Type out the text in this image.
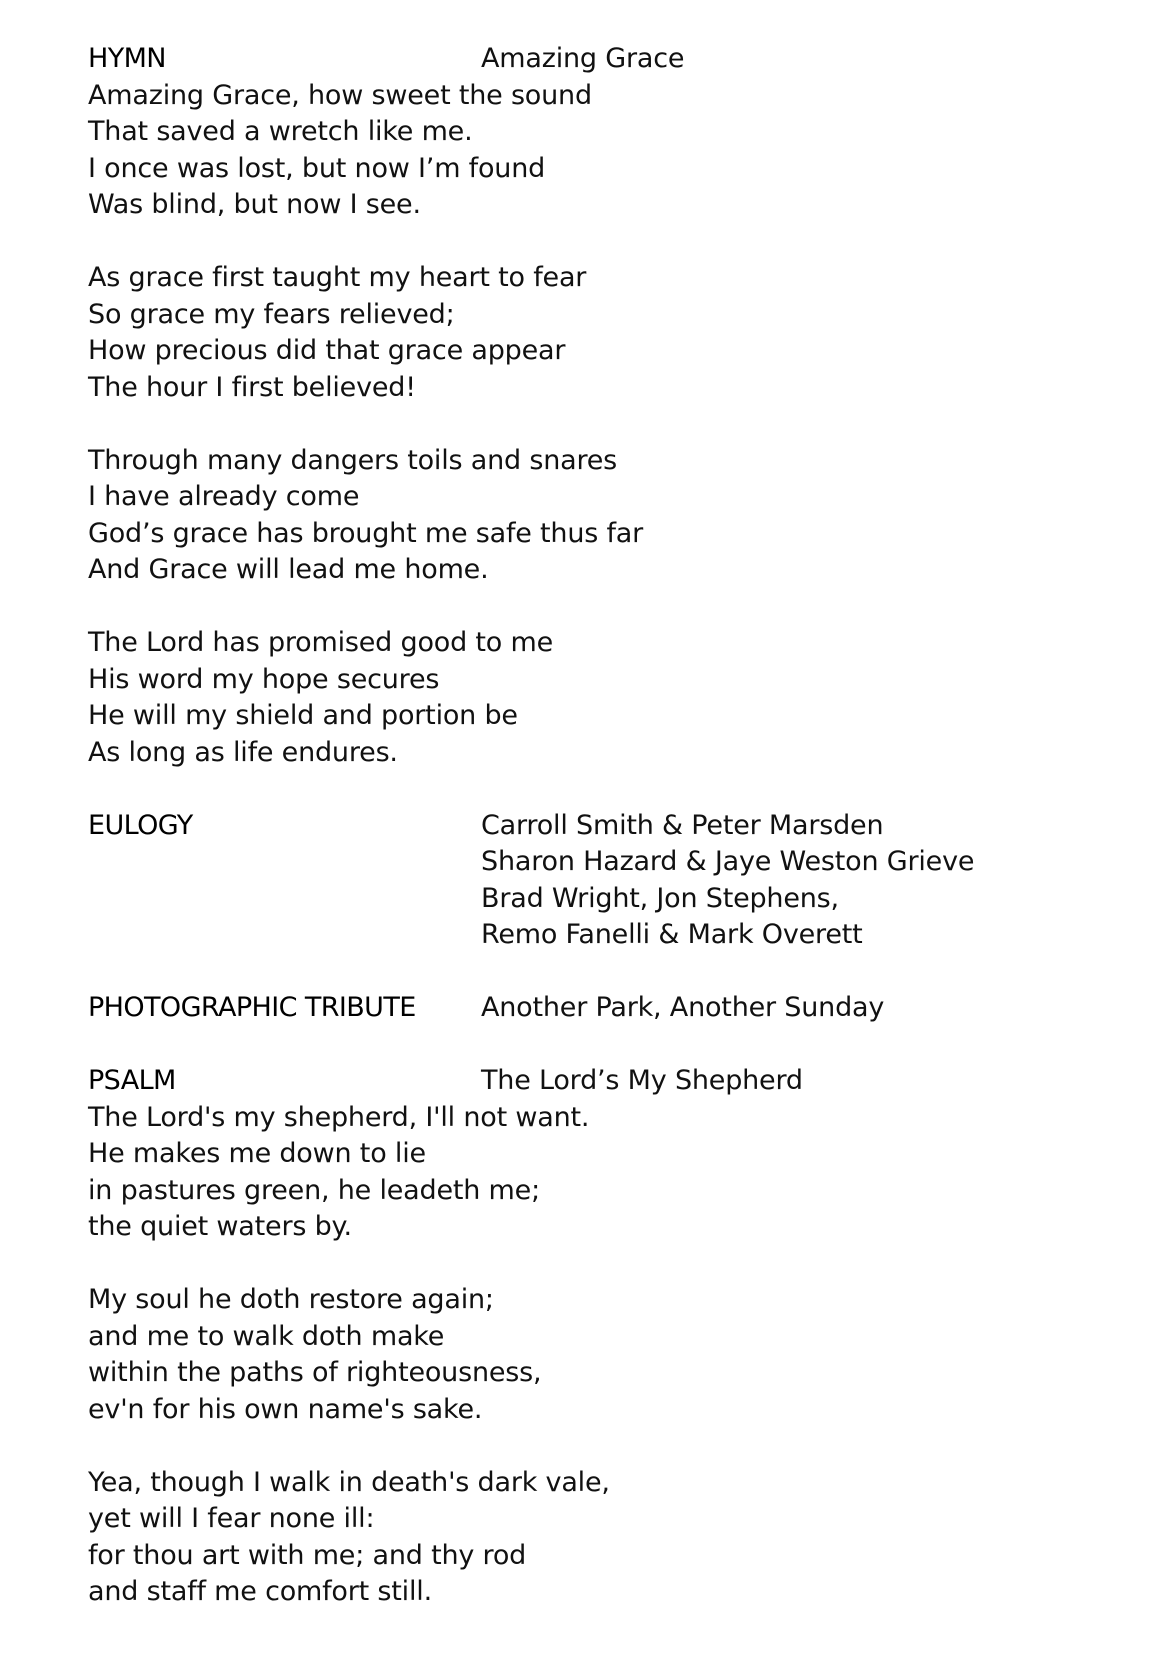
HYMN	Amazing Grace
Amazing Grace, how sweet the sound
That saved a wretch like me.
I once was lost, but now I’m found
Was blind, but now I see.
As grace first taught my heart to fear
So grace my fears relieved;
How precious did that grace appear
The hour I first believed!
Through many dangers toils and snares
I have already come
God’s grace has brought me safe thus far
And Grace will lead me home.
The Lord has promised good to me
His word my hope secures
He will my shield and portion be
As long as life endures.
EULOGY	Carroll Smith & Peter Marsden
Sharon Hazard & Jaye Weston Grieve
Brad Wright, Jon Stephens,
Remo Fanelli & Mark Overett
PHOTOGRAPHIC TRIBUTE	Another Park, Another Sunday
PSALM	The Lord’s My Shepherd
The Lord's my shepherd, I'll not want.
He makes me down to lie
in pastures green, he leadeth me;
the quiet waters by.
My soul he doth restore again;
and me to walk doth make
within the paths of righteousness,
ev'n for his own name's sake.
Yea, though I walk in death's dark vale,
yet will I fear none ill:
for thou art with me; and thy rod
and staff me comfort still.
